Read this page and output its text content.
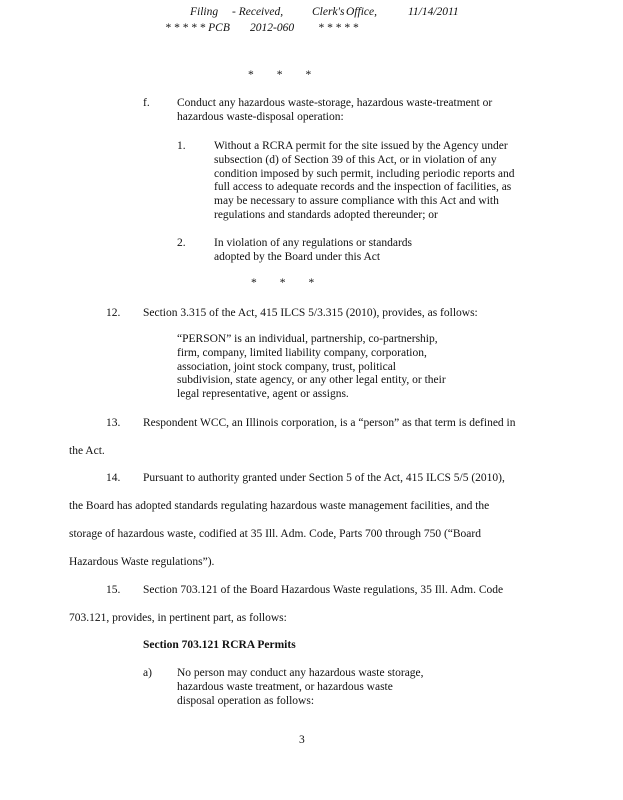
Filing - Received,	Clerk's Office,	11/14/2011
* * * * * PCB 2012-060 * * * * *
*        *        *
f. Conduct any hazardous waste-storage, hazardous waste-treatment or
hazardous waste-disposal operation:
1. Without a RCRA permit for the site issued by the Agency under
subsection (d) of Section 39 of this Act, or in violation of any
condition imposed by such permit, including periodic reports and
full access to adequate records and the inspection of facilities, as
may be necessary to assure compliance with this Act and with
regulations and standards adopted thereunder; or
2. In violation of any regulations or standards
adopted by the Board under this Act
*        *        *
12. Section 3.315 of the Act, 415 ILCS 5/3.315 (2010), provides, as follows:
“PERSON” is an individual, partnership, co-partnership,
firm, company, limited liability company, corporation,
association, joint stock company, trust, political
subdivision, state agency, or any other legal entity, or their
legal representative, agent or assigns.
13. Respondent WCC, an Illinois corporation, is a “person” as that term is defined in
the Act.
14. Pursuant to authority granted under Section 5 of the Act, 415 ILCS 5/5 (2010),
the Board has adopted standards regulating hazardous waste management facilities, and the
storage of hazardous waste, codified at 35 Ill. Adm. Code, Parts 700 through 750 (“Board
Hazardous Waste regulations”).
15. Section 703.121 of the Board Hazardous Waste regulations, 35 Ill. Adm. Code
703.121, provides, in pertinent part, as follows:
Section 703.121 RCRA Permits
a) No person may conduct any hazardous waste storage,
hazardous waste treatment, or hazardous waste
disposal operation as follows:
3
